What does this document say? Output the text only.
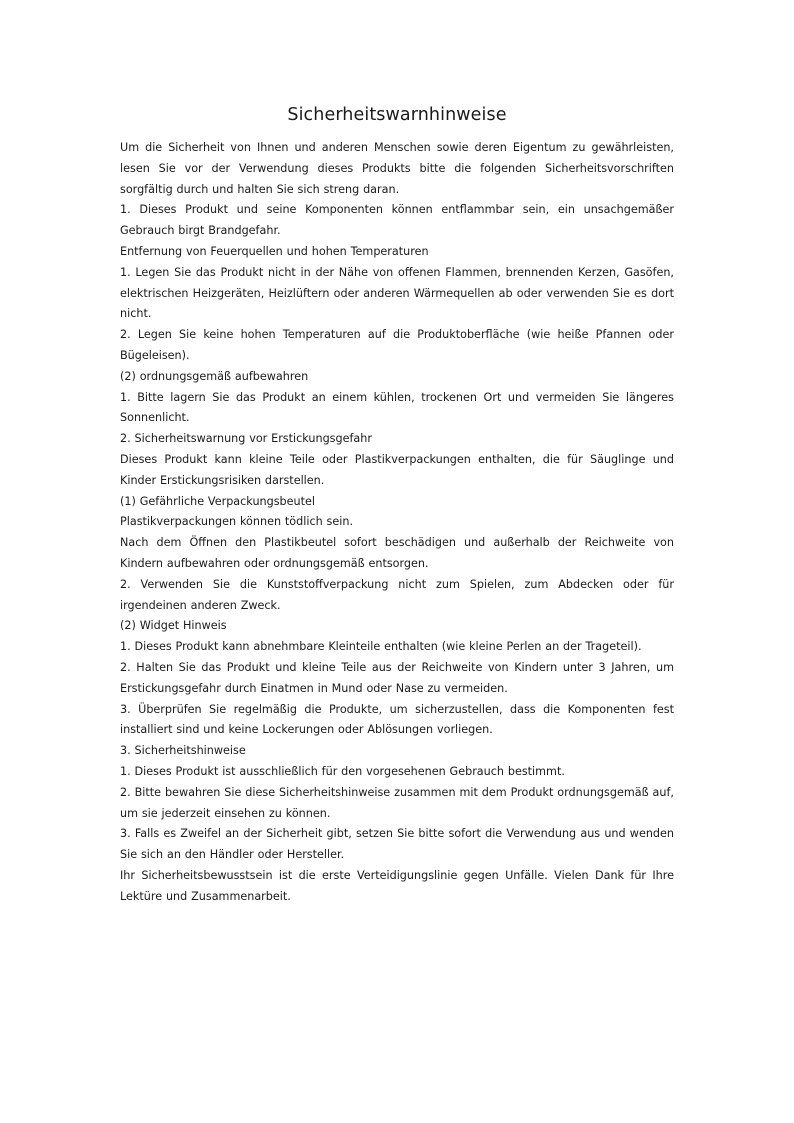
Sicherheitswarnhinweise

Um die Sicherheit von Ihnen und anderen Menschen sowie deren Eigentum zu gewährleisten, lesen Sie vor der Verwendung dieses Produkts bitte die folgenden Sicherheitsvorschriften sorgfältig durch und halten Sie sich streng daran.

1. Dieses Produkt und seine Komponenten können entflammbar sein, ein unsachgemäßer Gebrauch birgt Brandgefahr.

Entfernung von Feuerquellen und hohen Temperaturen

1. Legen Sie das Produkt nicht in der Nähe von offenen Flammen, brennenden Kerzen, Gasöfen, elektrischen Heizgeräten, Heizlüftern oder anderen Wärmequellen ab oder verwenden Sie es dort nicht.

2. Legen Sie keine hohen Temperaturen auf die Produktoberfläche (wie heiße Pfannen oder Bügeleisen).

(2) ordnungsgemäß aufbewahren

1. Bitte lagern Sie das Produkt an einem kühlen, trockenen Ort und vermeiden Sie längeres Sonnenlicht.

2. Sicherheitswarnung vor Erstickungsgefahr

Dieses Produkt kann kleine Teile oder Plastikverpackungen enthalten, die für Säuglinge und Kinder Erstickungsrisiken darstellen.

(1) Gefährliche Verpackungsbeutel

Plastikverpackungen können tödlich sein.

Nach dem Öffnen den Plastikbeutel sofort beschädigen und außerhalb der Reichweite von Kindern aufbewahren oder ordnungsgemäß entsorgen.

2. Verwenden Sie die Kunststoffverpackung nicht zum Spielen, zum Abdecken oder für irgendeinen anderen Zweck.

(2) Widget Hinweis

1. Dieses Produkt kann abnehmbare Kleinteile enthalten (wie kleine Perlen an der Trageteil).

2. Halten Sie das Produkt und kleine Teile aus der Reichweite von Kindern unter 3 Jahren, um Erstickungsgefahr durch Einatmen in Mund oder Nase zu vermeiden.

3. Überprüfen Sie regelmäßig die Produkte, um sicherzustellen, dass die Komponenten fest installiert sind und keine Lockerungen oder Ablösungen vorliegen.

3. Sicherheitshinweise

1. Dieses Produkt ist ausschließlich für den vorgesehenen Gebrauch bestimmt.

2. Bitte bewahren Sie diese Sicherheitshinweise zusammen mit dem Produkt ordnungsgemäß auf, um sie jederzeit einsehen zu können.

3. Falls es Zweifel an der Sicherheit gibt, setzen Sie bitte sofort die Verwendung aus und wenden Sie sich an den Händler oder Hersteller.

Ihr Sicherheitsbewusstsein ist die erste Verteidigungslinie gegen Unfälle. Vielen Dank für Ihre Lektüre und Zusammenarbeit.
